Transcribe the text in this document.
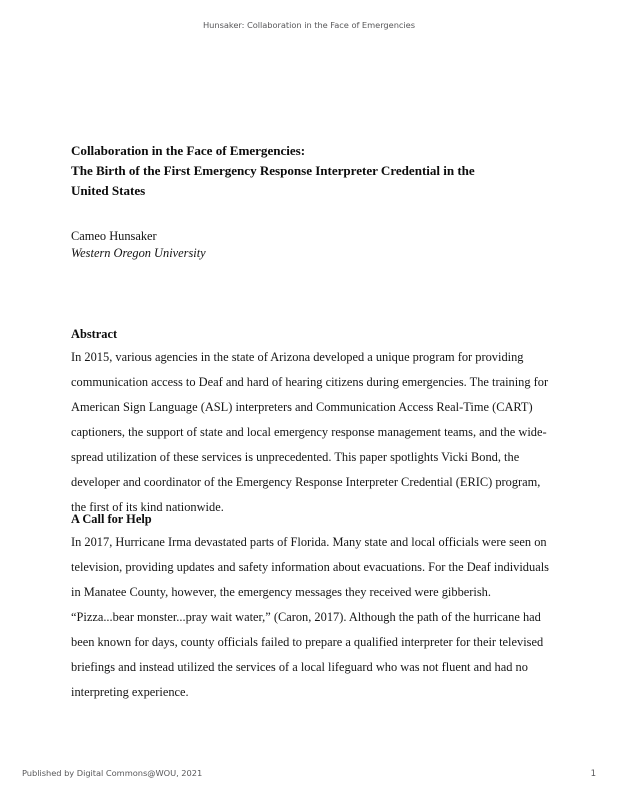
Hunsaker: Collaboration in the Face of Emergencies
Collaboration in the Face of Emergencies:
The Birth of the First Emergency Response Interpreter Credential in the
United States
Cameo Hunsaker
Western Oregon University
Abstract

In 2015, various agencies in the state of Arizona developed a unique program for providing
communication access to Deaf and hard of hearing citizens during emergencies. The training for
American Sign Language (ASL) interpreters and Communication Access Real-Time (CART)
captioners, the support of state and local emergency response management teams, and the wide-
spread utilization of these services is unprecedented. This paper spotlights Vicki Bond, the
developer and coordinator of the Emergency Response Interpreter Credential (ERIC) program,
the first of its kind nationwide.

A Call for Help

In 2017, Hurricane Irma devastated parts of Florida. Many state and local officials were seen on
television, providing updates and safety information about evacuations. For the Deaf individuals
in Manatee County, however, the emergency messages they received were gibberish.
“Pizza...bear monster...pray wait water,” (Caron, 2017). Although the path of the hurricane had
been known for days, county officials failed to prepare a qualified interpreter for their televised
briefings and instead utilized the services of a local lifeguard who was not fluent and had no
interpreting experience.

Published by Digital Commons@WOU, 2021	1
